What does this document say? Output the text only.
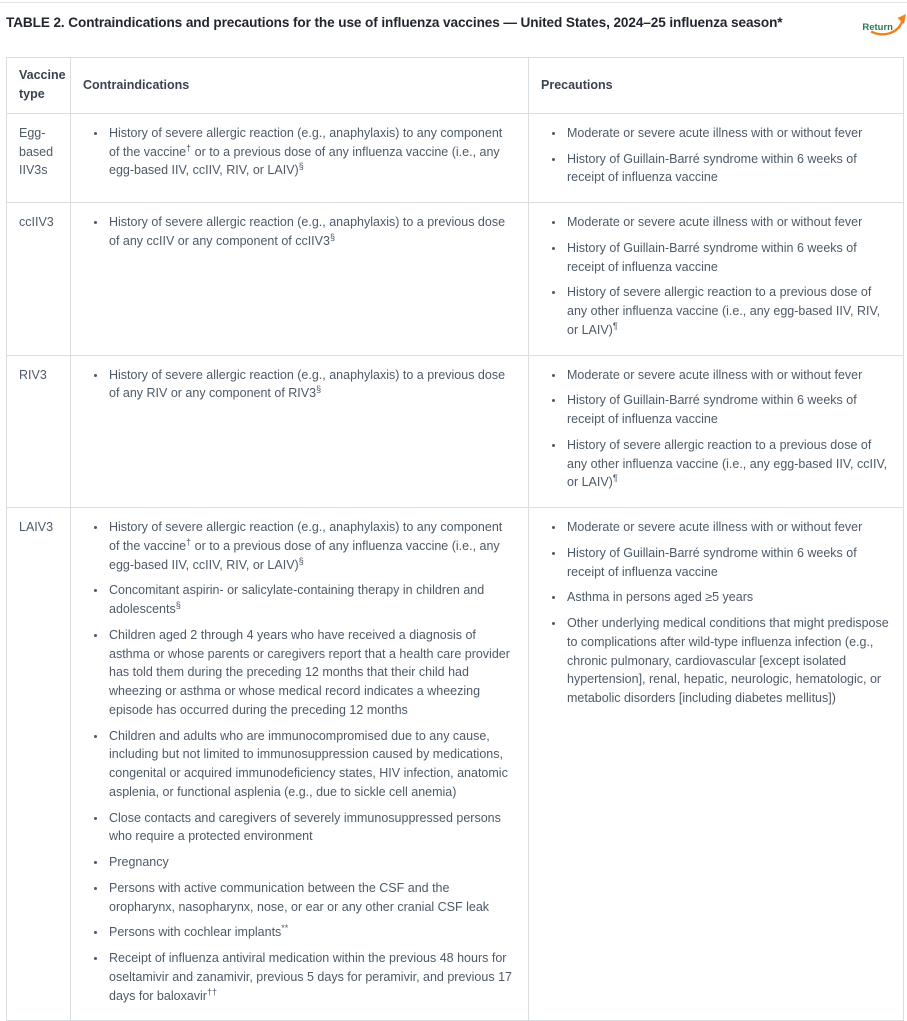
TABLE 2. Contraindications and precautions for the use of influenza vaccines — United States, 2024–25 influenza season*	Return
Vaccine type	Contraindications	Precautions
Egg-based IIV3s	
• History of severe allergic reaction (e.g., anaphylaxis) to any component of the vaccine† or to a previous dose of any influenza vaccine (i.e., any egg-based IIV, ccIIV, RIV, or LAIV)§

• Moderate or severe acute illness with or without fever
• History of Guillain-Barré syndrome within 6 weeks of receipt of influenza vaccine

ccIIV3	
•History of severe allergic reaction (e.g., anaphylaxis) to a previous dose of any ccIIV or any component of ccIIV3§

• Moderate or severe acute illness with or without fever
• History of Guillain-Barré syndrome within 6 weeks of receipt of influenza vaccine
• History of severe allergic reaction to a previous dose of any other influenza vaccine (i.e., any egg-based IIV, RIV, or LAIV)¶

RIV3	
•History of severe allergic reaction (e.g., anaphylaxis) to a previous dose of any RIV or any component of RIV3§

• Moderate or severe acute illness with or without fever
• History of Guillain-Barré syndrome within 6 weeks of receipt of influenza vaccine
• History of severe allergic reaction to a previous dose of any other influenza vaccine (i.e., any egg-based IIV, ccIIV, or LAIV)¶

LAIV3	
•History of severe allergic reaction (e.g., anaphylaxis) to any component of the vaccine† or to a previous dose of any influenza vaccine (i.e., any egg-based IIV, ccIIV, RIV, or LAIV)§
• Concomitant aspirin- or salicylate-containing therapy in children and adolescents§
• Children aged 2 through 4 years who have received a diagnosis of asthma or whose parents or caregivers report that a health care provider has told them during the preceding 12 months that their child had wheezing or asthma or whose medical record indicates a wheezing episode has occurred during the preceding 12 months
• Children and adults who are immunocompromised due to any cause, including but not limited to immunosuppression caused by medications, congenital or acquired immunodeficiency states, HIV infection, anatomic asplenia, or functional asplenia (e.g., due to sickle cell anemia)
• Close contacts and caregivers of severely immunosuppressed persons who require a protected environment
• Pregnancy
• Persons with active communication between the CSF and the oropharynx, nasopharynx, nose, or ear or any other cranial CSF leak
• Persons with cochlear implants**
• Receipt of influenza antiviral medication within the previous 48 hours for oseltamivir and zanamivir, previous 5 days for peramivir, and previous 17 days for baloxavir††

• Moderate or severe acute illness with or without fever
• History of Guillain-Barré syndrome within 6 weeks of receipt of influenza vaccine
• Asthma in persons aged ≥5 years
• Other underlying medical conditions that might predispose to complications after wild-type influenza infection (e.g., chronic pulmonary, cardiovascular [except isolated hypertension], renal, hepatic, neurologic, hematologic, or metabolic disorders [including diabetes mellitus])
